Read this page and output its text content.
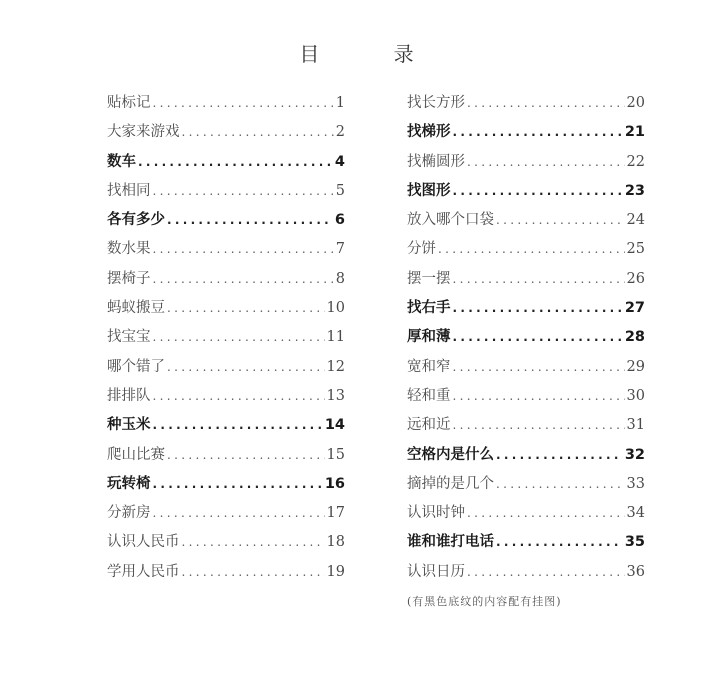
目 录
贴标记 .....	1
大家来游戏 .....	2
数车 .....	4
找相同 .....	5
各有多少 .....	6
数水果 .....	7
摆椅子 .....	8
蚂蚁搬豆 .....	10
找宝宝 .....	11
哪个错了 .....	12
排排队 .....	13
种玉米 .....	14
爬山比赛 .....	15
玩转椅 .....	16
分新房 .....	17
认识人民币 .....	18
学用人民币 .....	19
找长方形 .....	20
找梯形 .....	21
找椭圆形 .....	22
找图形 .....	23
放入哪个口袋 .....	24
分饼 .....	25
摆一摆 .....	26
找右手 .....	27
厚和薄 .....	28
宽和窄 .....	29
轻和重 .....	30
远和近 .....	31
空格内是什么 .....	32
摘掉的是几个 .....	33
认识时钟 .....	34
谁和谁打电话 .....	35
认识日历 .....	36
(有黑色底纹的内容配有挂图)
